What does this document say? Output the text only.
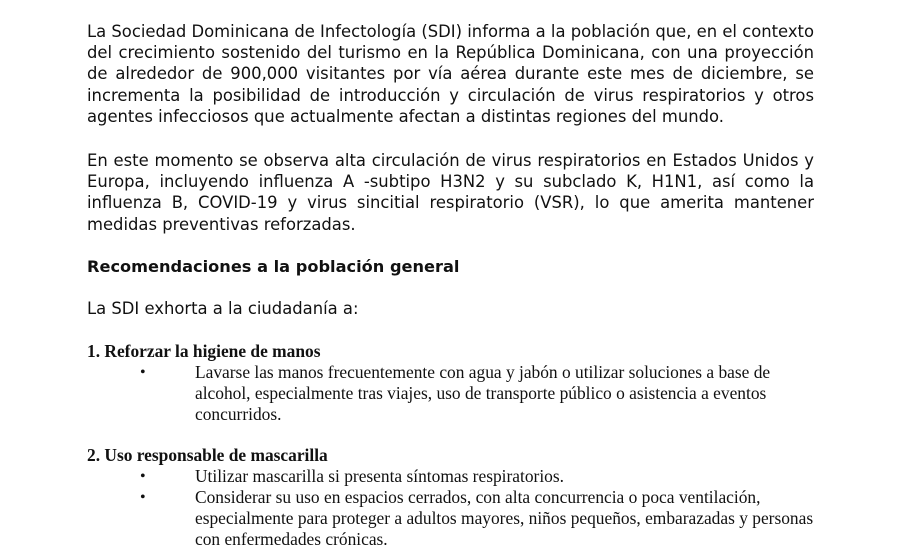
La Sociedad Dominicana de Infectología (SDI) informa a la población que, en el contexto del crecimiento sostenido del turismo en la República Dominicana, con una proyección de alrededor de 900,000 visitantes por vía aérea durante este mes de diciembre, se incrementa la posibilidad de introducción y circulación de virus respiratorios y otros agentes infecciosos que actualmente afectan a distintas regiones del mundo.

En este momento se observa alta circulación de virus respiratorios en Estados Unidos y Europa, incluyendo influenza A -subtipo H3N2 y su subclado K, H1N1, así como la influenza B, COVID-19 y virus sincitial respiratorio (VSR), lo que amerita mantener medidas preventivas reforzadas.

Recomendaciones a la población general

La SDI exhorta a la ciudadanía a:

1. Reforzar la higiene de manos

•	Lavarse las manos frecuentemente con agua y jabón o utilizar soluciones a base de alcohol, especialmente tras viajes, uso de transporte público o asistencia a eventos concurridos.

2. Uso responsable de mascarilla

•	Utilizar mascarilla si presenta síntomas respiratorios.
•	Considerar su uso en espacios cerrados, con alta concurrencia o poca ventilación, especialmente para proteger a adultos mayores, niños pequeños, embarazadas y personas con enfermedades crónicas.
